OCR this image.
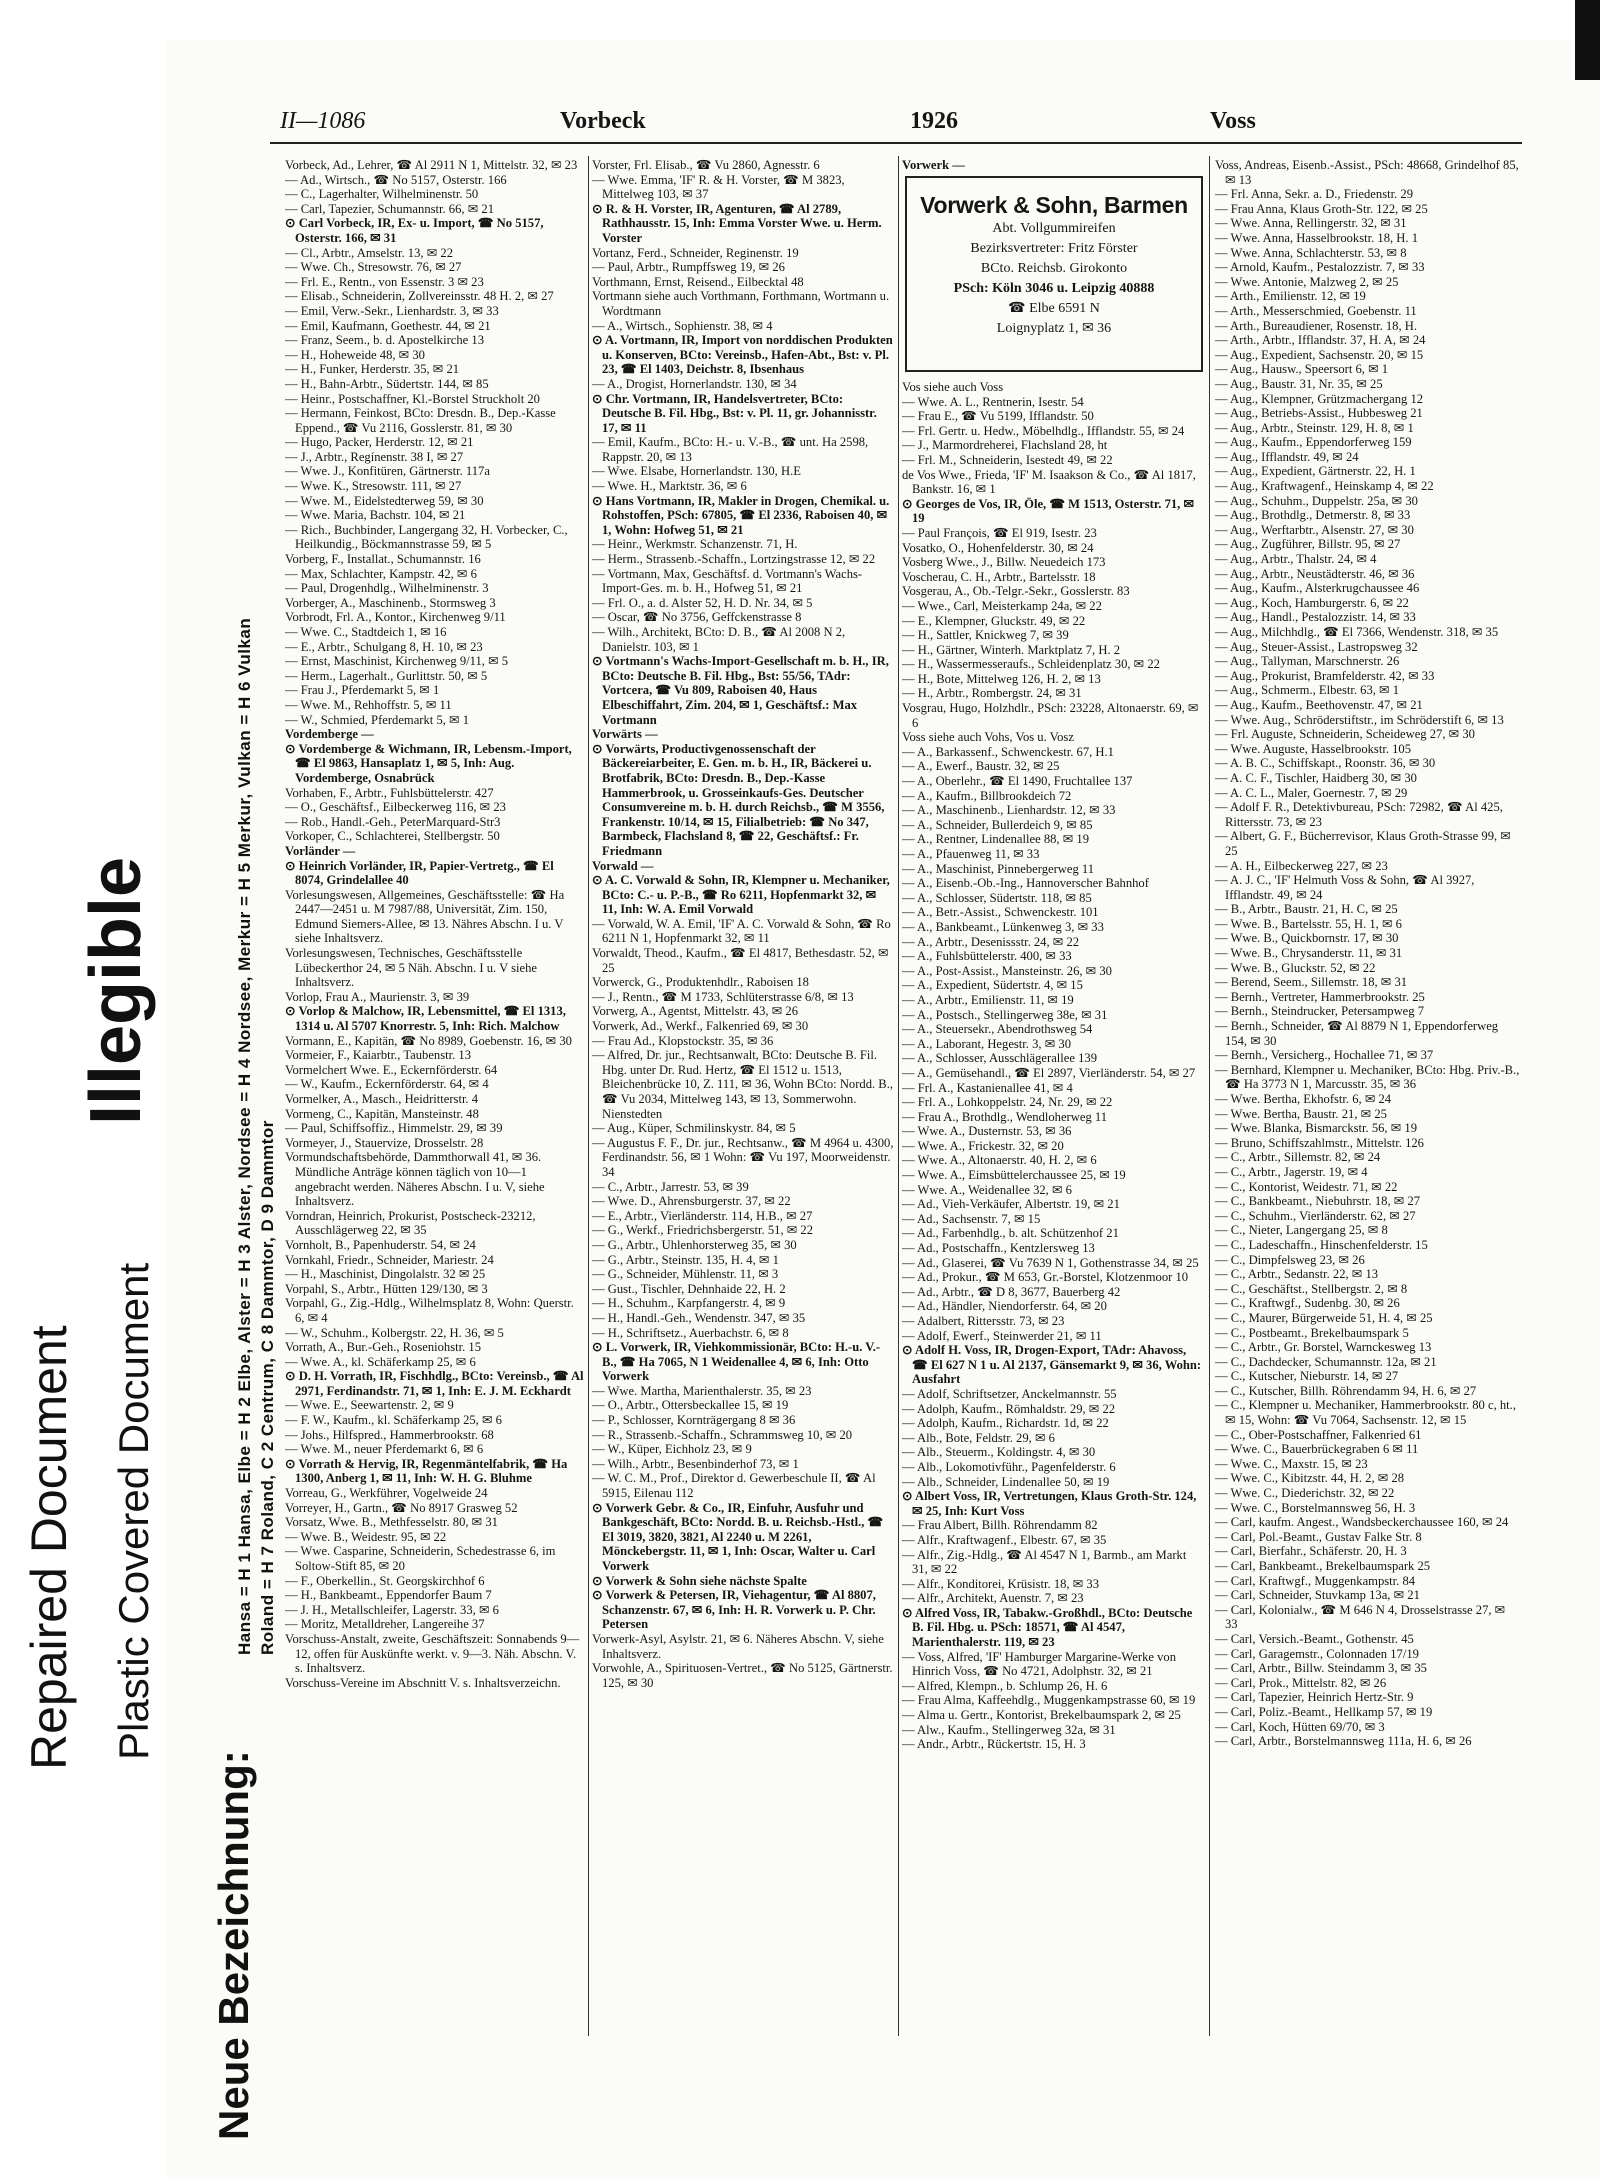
Repaired Document Plastic Covered Document
Illegible
Neue Bezeichnung:
Hansa = H 1 Hansa, Elbe = H 2 Elbe, Alster = H 3 Alster, Nordsee = H 4 Nordsee, Merkur = H 5 Merkur, Vulkan = H 6 Vulkan Roland = H 7 Roland, C 2 Centrum, C 8 Dammtor, D 9 Dammtor
II—1086	Vorbeck	1926	Voss

Vorbeck, Ad., Lehrer, ☎ Al 2911 N 1, Mittelstr. 32, ✉ 23

— Ad., Wirtsch., ☎ No 5157, Osterstr. 166

— C., Lagerhalter, Wilhelminenstr. 50

— Carl, Tapezier, Schumannstr. 66, ✉ 21

⊙ Carl Vorbeck, IR, Ex- u. Import, ☎ No 5157, Osterstr. 166, ✉ 31

— Cl., Arbtr., Amselstr. 13, ✉ 22

— Wwe. Ch., Stresowstr. 76, ✉ 27

— Frl. E., Rentn., von Essenstr. 3 ✉ 23

— Elisab., Schneiderin, Zollvereinsstr. 48 H. 2, ✉ 27

— Emil, Verw.-Sekr., Lienhardstr. 3, ✉ 33

— Emil, Kaufmann, Goethestr. 44, ✉ 21

— Franz, Seem., b. d. Apostelkirche 13

— H., Hoheweide 48, ✉ 30

— H., Funker, Herderstr. 35, ✉ 21

— H., Bahn-Arbtr., Südertstr. 144, ✉ 85

— Heinr., Postschaffner, Kl.-Borstel Struckholt 20

— Hermann, Feinkost, BCto: Dresdn. B., Dep.-Kasse Eppend., ☎ Vu 2116, Gosslerstr. 81, ✉ 30

— Hugo, Packer, Herderstr. 12, ✉ 21

— J., Arbtr., Regínenstr. 38 I, ✉ 27

— Wwe. J., Konfitüren, Gärtnerstr. 117a

— Wwe. K., Stresowstr. 111, ✉ 27

— Wwe. M., Eidelstedterweg 59, ✉ 30

— Wwe. Maria, Bachstr. 104, ✉ 21

— Rich., Buchbinder, Langergang 32, H. Vorbecker, C., Heilkundig., Böckmannstrasse 59, ✉ 5

Vorberg, F., Installat., Schumannstr. 16

— Max, Schlachter, Kampstr. 42, ✉ 6

— Paul, Drogenhdlg., Wilhelminenstr. 3

Vorberger, A., Maschinenb., Stormsweg 3

Vorbrodt, Frl. A., Kontor., Kirchenweg 9/11

— Wwe. C., Stadtdeich 1, ✉ 16

— E., Arbtr., Schulgang 8, H. 10, ✉ 23

— Ernst, Maschinist, Kirchenweg 9/11, ✉ 5

— Herm., Lagerhalt., Gurlittstr. 50, ✉ 5

— Frau J., Pferdemarkt 5, ✉ 1

— Wwe. M., Rehhoffstr. 5, ✉ 11

— W., Schmied, Pferdemarkt 5, ✉ 1

Vordemberge —

⊙ Vordemberge & Wichmann, IR, Lebensm.-Import, ☎ El 9863, Hansaplatz 1, ✉ 5, Inh: Aug. Vordemberge, Osnabrück

Vorhaben, F., Arbtr., Fuhlsbüttelerstr. 427

— O., Geschäftsf., Eilbeckerweg 116, ✉ 23

— Rob., Handl.-Geh., PeterMarquard-Str3

Vorkoper, C., Schlachterei, Stellbergstr. 50

Vorländer —

⊙ Heinrich Vorländer, IR, Papier-Vertretg., ☎ El 8074, Grindelallee 40

Vorlesungswesen, Allgemeines, Geschäftsstelle: ☎ Ha 2447—2451 u. M 7987/88, Universität, Zim. 150, Edmund Siemers-Allee, ✉ 13. Nähres Abschn. I u. V siehe Inhaltsverz.

Vorlesungswesen, Technisches, Geschäftsstelle Lübeckerthor 24, ✉ 5 Näh. Abschn. I u. V siehe Inhaltsverz.

Vorlop, Frau A., Maurienstr. 3, ✉ 39

⊙ Vorlop & Malchow, IR, Lebensmittel, ☎ El 1313, 1314 u. Al 5707 Knorrestr. 5, Inh: Rich. Malchow

Vormann, E., Kapitän, ☎ No 8989, Goebenstr. 16, ✉ 30

Vormeier, F., Kaiarbtr., Taubenstr. 13

Vormelchert Wwe. E., Eckernförderstr. 64

— W., Kaufm., Eckernförderstr. 64, ✉ 4

Vormelker, A., Masch., Heidritterstr. 4

Vormeng, C., Kapitän, Mansteinstr. 48

— Paul, Schiffsoffiz., Himmelstr. 29, ✉ 39

Vormeyer, J., Stauervize, Drosselstr. 28

Vormundschaftsbehörde, Dammthorwall 41, ✉ 36. Mündliche Anträge können täglich von 10—1 angebracht werden. Näheres Abschn. I u. V, siehe Inhaltsverz.

Vorndran, Heinrich, Prokurist, Postscheck-23212, Ausschlägerweg 22, ✉ 35

Vornholt, B., Papenhuderstr. 54, ✉ 24

Vornkahl, Friedr., Schneider, Mariestr. 24

— H., Maschinist, Dingolalstr. 32 ✉ 25

Vorpahl, S., Arbtr., Hütten 129/130, ✉ 3

Vorpahl, G., Zig.-Hdlg., Wilhelmsplatz 8, Wohn: Querstr. 6, ✉ 4

— W., Schuhm., Kolbergstr. 22, H. 36, ✉ 5

Vorrath, A., Bur.-Geh., Roseniohstr. 15

— Wwe. A., kl. Schäferkamp 25, ✉ 6

⊙ D. H. Vorrath, IR, Fischhdlg., BCto: Vereinsb., ☎ Al 2971, Ferdinandstr. 71, ✉ 1, Inh: E. J. M. Eckhardt

— Wwe. E., Seewartenstr. 2, ✉ 9

— F. W., Kaufm., kl. Schäferkamp 25, ✉ 6

— Johs., Hilfspred., Hammerbrookstr. 68

— Wwe. M., neuer Pferdemarkt 6, ✉ 6

⊙ Vorrath & Hervig, IR, Regenmäntelfabrik, ☎ Ha 1300, Anberg 1, ✉ 11, Inh: W. H. G. Bluhme

Vorreau, G., Werkführer, Vogelweide 24

Vorreyer, H., Gartn., ☎ No 8917 Grasweg 52

Vorsatz, Wwe. B., Methfesselstr. 80, ✉ 31

— Wwe. B., Weidestr. 95, ✉ 22

— Wwe. Casparine, Schneiderin, Schedestrasse 6, im Soltow-Stift 85, ✉ 20

— F., Oberkellin., St. Georgskirchhof 6

— H., Bankbeamt., Eppendorfer Baum 7

— J. H., Metallschleifer, Lagerstr. 33, ✉ 6

— Moritz, Metalldreher, Langereihe 37

Vorschuss-Anstalt, zweite, Geschäftszeit: Sonnabends 9—12, offen für Auskünfte werkt. v. 9—3. Näh. Abschn. V. s. Inhaltsverz.

Vorschuss-Vereine im Abschnitt V. s. Inhaltsverzeichn.

Vorster, Frl. Elisab., ☎ Vu 2860, Agnesstr. 6

— Wwe. Emma, 'IF' R. & H. Vorster, ☎ M 3823, Mittelweg 103, ✉ 37

⊙ R. & H. Vorster, IR, Agenturen, ☎ Al 2789, Rathhausstr. 15, Inh: Emma Vorster Wwe. u. Herm. Vorster

Vortanz, Ferd., Schneider, Reginenstr. 19

— Paul, Arbtr., Rumpffsweg 19, ✉ 26

Vorthmann, Ernst, Reisend., Eilbecktal 48

Vortmann siehe auch Vorthmann, Forthmann, Wortmann u. Wordtmann

— A., Wirtsch., Sophienstr. 38, ✉ 4

⊙ A. Vortmann, IR, Import von norddischen Produkten u. Konserven, BCto: Vereinsb., Hafen-Abt., Bst: v. Pl. 23, ☎ El 1403, Deichstr. 8, Ibsenhaus

— A., Drogist, Hornerlandstr. 130, ✉ 34

⊙ Chr. Vortmann, IR, Handelsvertreter, BCto: Deutsche B. Fil. Hbg., Bst: v. Pl. 11, gr. Johannisstr. 17, ✉ 11

— Emil, Kaufm., BCto: H.- u. V.-B., ☎ unt. Ha 2598, Rappstr. 20, ✉ 13

— Wwe. Elsabe, Hornerlandstr. 130, H.E

— Wwe. H., Marktstr. 36, ✉ 6

⊙ Hans Vortmann, IR, Makler in Drogen, Chemikal. u. Rohstoffen, PSch: 67805, ☎ El 2336, Raboisen 40, ✉ 1, Wohn: Hofweg 51, ✉ 21

— Heinr., Werkmstr. Schanzenstr. 71, H.

— Herm., Strassenb.-Schaffn., Lortzingstrasse 12, ✉ 22

— Vortmann, Max, Geschäftsf. d. Vortmann's Wachs-Import-Ges. m. b. H., Hofweg 51, ✉ 21

— Frl. O., a. d. Alster 52, H. D. Nr. 34, ✉ 5

— Oscar, ☎ No 3756, Geffckenstrasse 8

— Wilh., Architekt, BCto: D. B., ☎ Al 2008 N 2, Danielstr. 103, ✉ 1

⊙ Vortmann's Wachs-Import-Gesellschaft m. b. H., IR, BCto: Deutsche B. Fil. Hbg., Bst: 55/56, TAdr: Vortcera, ☎ Vu 809, Raboisen 40, Haus Elbeschiffahrt, Zim. 204, ✉ 1, Geschäftsf.: Max Vortmann

Vorwärts —

⊙ Vorwärts, Productivgenossenschaft der Bäckereiarbeiter, E. Gen. m. b. H., IR, Bäckerei u. Brotfabrik, BCto: Dresdn. B., Dep.-Kasse Hammerbrook, u. Grosseinkaufs-Ges. Deutscher Consumvereine m. b. H. durch Reichsb., ☎ M 3556, Frankenstr. 10/14, ✉ 15, Filialbetrieb: ☎ No 347, Barmbeck, Flachsland 8, ☎ 22, Geschäftsf.: Fr. Friedmann

Vorwald —

⊙ A. C. Vorwald & Sohn, IR, Klempner u. Mechaniker, BCto: C.- u. P.-B., ☎ Ro 6211, Hopfenmarkt 32, ✉ 11, Inh: W. A. Emil Vorwald

— Vorwald, W. A. Emil, 'IF' A. C. Vorwald & Sohn, ☎ Ro 6211 N 1, Hopfenmarkt 32, ✉ 11

Vorwaldt, Theod., Kaufm., ☎ El 4817, Bethesdastr. 52, ✉ 25

Vorwerck, G., Produktenhdlr., Raboisen 18

— J., Rentn., ☎ M 1733, Schlüterstrasse 6/8, ✉ 13

Vorwerg, A., Agentst, Mittelstr. 43, ✉ 26

Vorwerk, Ad., Werkf., Falkenried 69, ✉ 30

— Frau Ad., Klopstockstr. 35, ✉ 36

— Alfred, Dr. jur., Rechtsanwalt, BCto: Deutsche B. Fil. Hbg. unter Dr. Rud. Hertz, ☎ El 1512 u. 1513, Bleichenbrücke 10, Z. 111, ✉ 36, Wohn BCto: Nordd. B., ☎ Vu 2034, Mittelweg 143, ✉ 13, Sommerwohn. Nienstedten

— Aug., Küper, Schmilinskystr. 84, ✉ 5

— Augustus F. F., Dr. jur., Rechtsanw., ☎ M 4964 u. 4300, Ferdinandstr. 56, ✉ 1 Wohn: ☎ Vu 197, Moorweidenstr. 34

— C., Arbtr., Jarrestr. 53, ✉ 39

— Wwe. D., Ahrensburgerstr. 37, ✉ 22

— E., Arbtr., Vierländerstr. 114, H.B., ✉ 27

— G., Werkf., Friedrichsbergerstr. 51, ✉ 22

— G., Arbtr., Uhlenhorsterweg 35, ✉ 30

— G., Arbtr., Steinstr. 135, H. 4, ✉ 1

— G., Schneider, Mühlenstr. 11, ✉ 3

— Gust., Tischler, Dehnhaide 22, H. 2

— H., Schuhm., Karpfangerstr. 4, ✉ 9

— H., Handl.-Geh., Wendenstr. 347, ✉ 35

— H., Schriftsetz., Auerbachstr. 6, ✉ 8

⊙ L. Vorwerk, IR, Viehkommissionär, BCto: H.-u. V.-B., ☎ Ha 7065, N 1 Weidenallee 4, ✉ 6, Inh: Otto Vorwerk

— Wwe. Martha, Marienthalerstr. 35, ✉ 23

— O., Arbtr., Ottersbeckallee 15, ✉ 19

— P., Schlosser, Kornträgergang 8 ✉ 36

— R., Strassenb.-Schaffn., Schrammsweg 10, ✉ 20

— W., Küper, Eichholz 23, ✉ 9

— Wilh., Arbtr., Besenbinderhof 73, ✉ 1

— W. C. M., Prof., Direktor d. Gewerbeschule II, ☎ Al 5915, Eilenau 112

⊙ Vorwerk Gebr. & Co., IR, Einfuhr, Ausfuhr und Bankgeschäft, BCto: Nordd. B. u. Reichsb.-Hstl., ☎ El 3019, 3820, 3821, Al 2240 u. M 2261, Mönckebergstr. 11, ✉ 1, Inh: Oscar, Walter u. Carl Vorwerk

⊙ Vorwerk & Sohn siehe nächste Spalte

⊙ Vorwerk & Petersen, IR, Viehagentur, ☎ Al 8807, Schanzenstr. 67, ✉ 6, Inh: H. R. Vorwerk u. P. Chr. Petersen

Vorwerk-Asyl, Asylstr. 21, ✉ 6. Näheres Abschn. V, siehe Inhaltsverz.

Vorwohle, A., Spirituosen-Vertret., ☎ No 5125, Gärtnerstr. 125, ✉ 30

Vorwerk —
Vorwerk & Sohn, Barmen
Abt. Vollgummireifen
Bezirksvertreter: Fritz Förster
BCto. Reichsb. Girokonto
PSch: Köln 3046 u. Leipzig 40888
☎ Elbe 6591 N
Loignyplatz 1, ✉ 36

Vos siehe auch Voss

— Wwe. A. L., Rentnerin, Isestr. 54

— Frau E., ☎ Vu 5199, Ifflandstr. 50

— Frl. Gertr. u. Hedw., Möbelhdlg., Ifflandstr. 55, ✉ 24

— J., Marmordreherei, Flachsland 28, ht

— Frl. M., Schneiderin, Isestedt 49, ✉ 22

de Vos Wwe., Frieda, 'IF' M. Isaakson & Co., ☎ Al 1817, Bankstr. 16, ✉ 1

⊙ Georges de Vos, IR, Öle, ☎ M 1513, Osterstr. 71, ✉ 19

— Paul François, ☎ El 919, Isestr. 23

Vosatko, O., Hohenfelderstr. 30, ✉ 24

Vosberg Wwe., J., Billw. Neuedeich 173

Voscherau, C. H., Arbtr., Bartelsstr. 18

Vosgerau, A., Ob.-Telgr.-Sekr., Gosslerstr. 83

— Wwe., Carl, Meisterkamp 24a, ✉ 22

— E., Klempner, Gluckstr. 49, ✉ 22

— H., Sattler, Knickweg 7, ✉ 39

— H., Gärtner, Winterh. Marktplatz 7, H. 2

— H., Wassermesseraufs., Schleidenplatz 30, ✉ 22

— H., Bote, Mittelweg 126, H. 2, ✉ 13

— H., Arbtr., Rombergstr. 24, ✉ 31

Vosgrau, Hugo, Holzhdlr., PSch: 23228, Altonaerstr. 69, ✉ 6

Voss siehe auch Vohs, Vos u. Vosz

— A., Barkassenf., Schwenckestr. 67, H.1

— A., Ewerf., Baustr. 32, ✉ 25

— A., Oberlehr., ☎ El 1490, Fruchtallee 137

— A., Kaufm., Billbrookdeich 72

— A., Maschinenb., Lienhardstr. 12, ✉ 33

— A., Schneider, Bullerdeich 9, ✉ 85

— A., Rentner, Lindenallee 88, ✉ 19

— A., Pfauenweg 11, ✉ 33

— A., Maschinist, Pinnebergerweg 11

— A., Eisenb.-Ob.-Ing., Hannoverscher Bahnhof

— A., Schlosser, Südertstr. 118, ✉ 85

— A., Betr.-Assist., Schwenckestr. 101

— A., Bankbeamt., Lünkenweg 3, ✉ 33

— A., Arbtr., Desenissstr. 24, ✉ 22

— A., Fuhlsbüttelerstr. 400, ✉ 33

— A., Post-Assist., Mansteinstr. 26, ✉ 30

— A., Expedient, Südertstr. 4, ✉ 15

— A., Arbtr., Emilienstr. 11, ✉ 19

— A., Postsch., Stellingerweg 38e, ✉ 31

— A., Steuersekr., Abendrothsweg 54

— A., Laborant, Hegestr. 3, ✉ 30

— A., Schlosser, Ausschlägerallee 139

— A., Gemüsehandl., ☎ El 2897, Vierländerstr. 54, ✉ 27

— Frl. A., Kastanienallee 41, ✉ 4

— Frl. A., Lohkoppelstr. 24, Nr. 29, ✉ 22

— Frau A., Brothdlg., Wendloherweg 11

— Wwe. A., Dusternstr. 53, ✉ 36

— Wwe. A., Frickestr. 32, ✉ 20

— Wwe. A., Altonaerstr. 40, H. 2, ✉ 6

— Wwe. A., Eimsbüttelerchaussee 25, ✉ 19

— Wwe. A., Weidenallee 32, ✉ 6

— Ad., Vieh-Verkäufer, Albertstr. 19, ✉ 21

— Ad., Sachsenstr. 7, ✉ 15

— Ad., Farbenhdlg., b. alt. Schützenhof 21

— Ad., Postschaffn., Kentzlersweg 13

— Ad., Glaserei, ☎ Vu 7639 N 1, Gothenstrasse 34, ✉ 25

— Ad., Prokur., ☎ M 653, Gr.-Borstel, Klotzenmoor 10

— Ad., Arbtr., ☎ D 8, 3677, Bauerberg 42

— Ad., Händler, Niendorferstr. 64, ✉ 20

— Adalbert, Rittersstr. 73, ✉ 23

— Adolf, Ewerf., Steinwerder 21, ✉ 11

⊙ Adolf H. Voss, IR, Drogen-Export, TAdr: Ahavoss, ☎ El 627 N 1 u. Al 2137, Gänsemarkt 9, ✉ 36, Wohn: Ausfahrt

— Adolf, Schriftsetzer, Anckelmannstr. 55

— Adolph, Kaufm., Römhaldstr. 29, ✉ 22

— Adolph, Kaufm., Richardstr. 1d, ✉ 22

— Alb., Bote, Feldstr. 29, ✉ 6

— Alb., Steuerm., Koldingstr. 4, ✉ 30

— Alb., Lokomotivführ., Pagenfelderstr. 6

— Alb., Schneider, Lindenallee 50, ✉ 19

⊙ Albert Voss, IR, Vertretungen, Klaus Groth-Str. 124, ✉ 25, Inh: Kurt Voss

— Frau Albert, Billh. Röhrendamm 82

— Alfr., Kraftwagenf., Elbestr. 67, ✉ 35

— Alfr., Zig.-Hdlg., ☎ Al 4547 N 1, Barmb., am Markt 31, ✉ 22

— Alfr., Konditorei, Krüsistr. 18, ✉ 33

— Alfr., Architekt, Auenstr. 7, ✉ 23

⊙ Alfred Voss, IR, Tabakw.-Großhdl., BCto: Deutsche B. Fil. Hbg. u. PSch: 18571, ☎ Al 4547, Marienthalerstr. 119, ✉ 23

— Voss, Alfred, 'IF' Hamburger Margarine-Werke von Hinrich Voss, ☎ No 4721, Adolphstr. 32, ✉ 21

— Alfred, Klempn., b. Schlump 26, H. 6

— Frau Alma, Kaffeehdlg., Muggenkampstrasse 60, ✉ 19

— Alma u. Gertr., Kontorist, Brekelbaumspark 2, ✉ 25

— Alw., Kaufm., Stellingerweg 32a, ✉ 31

— Andr., Arbtr., Rückertstr. 15, H. 3

Voss, Andreas, Eisenb.-Assist., PSch: 48668, Grindelhof 85, ✉ 13

— Frl. Anna, Sekr. a. D., Friedenstr. 29

— Frau Anna, Klaus Groth-Str. 122, ✉ 25

— Wwe. Anna, Rellingerstr. 32, ✉ 31

— Wwe. Anna, Hasselbrookstr. 18, H. 1

— Wwe. Anna, Schlachterstr. 53, ✉ 8

— Arnold, Kaufm., Pestalozzistr. 7, ✉ 33

— Wwe. Antonie, Malzweg 2, ✉ 25

— Arth., Emilienstr. 12, ✉ 19

— Arth., Messerschmied, Goebenstr. 11

— Arth., Bureaudiener, Rosenstr. 18, H.

— Arth., Arbtr., Ifflandstr. 37, H. A, ✉ 24

— Aug., Expedient, Sachsenstr. 20, ✉ 15

— Aug., Hausw., Speersort 6, ✉ 1

— Aug., Baustr. 31, Nr. 35, ✉ 25

— Aug., Klempner, Grützmachergang 12

— Aug., Betriebs-Assist., Hubbesweg 21

— Aug., Arbtr., Steinstr. 129, H. 8, ✉ 1

— Aug., Kaufm., Eppendorferweg 159

— Aug., Ifflandstr. 49, ✉ 24

— Aug., Expedient, Gärtnerstr. 22, H. 1

— Aug., Kraftwagenf., Heinskamp 4, ✉ 22

— Aug., Schuhm., Duppelstr. 25a, ✉ 30

— Aug., Brothdlg., Detmerstr. 8, ✉ 33

— Aug., Werftarbtr., Alsenstr. 27, ✉ 30

— Aug., Zugführer, Billstr. 95, ✉ 27

— Aug., Arbtr., Thalstr. 24, ✉ 4

— Aug., Arbtr., Neustädterstr. 46, ✉ 36

— Aug., Kaufm., Alsterkrugchaussee 46

— Aug., Koch, Hamburgerstr. 6, ✉ 22

— Aug., Handl., Pestalozzistr. 14, ✉ 33

— Aug., Milchhdlg., ☎ El 7366, Wendenstr. 318, ✉ 35

— Aug., Steuer-Assist., Lastropsweg 32

— Aug., Tallyman, Marschnerstr. 26

— Aug., Prokurist, Bramfelderstr. 42, ✉ 33

— Aug., Schmerm., Elbestr. 63, ✉ 1

— Aug., Kaufm., Beethovenstr. 47, ✉ 21

— Wwe. Aug., Schröderstiftstr., im Schröderstift 6, ✉ 13

— Frl. Auguste, Schneiderin, Scheideweg 27, ✉ 30

— Wwe. Auguste, Hasselbrookstr. 105

— A. B. C., Schiffskapt., Roonstr. 36, ✉ 30

— A. C. F., Tischler, Haidberg 30, ✉ 30

— A. C. L., Maler, Goernestr. 7, ✉ 29

— Adolf F. R., Detektivbureau, PSch: 72982, ☎ Al 425, Rittersstr. 73, ✉ 23

— Albert, G. F., Bücherrevisor, Klaus Groth-Strasse 99, ✉ 25

— A. H., Eilbeckerweg 227, ✉ 23

— A. J. C., 'IF' Helmuth Voss & Sohn, ☎ Al 3927, Ifflandstr. 49, ✉ 24

— B., Arbtr., Baustr. 21, H. C, ✉ 25

— Wwe. B., Bartelsstr. 55, H. 1, ✉ 6

— Wwe. B., Quickbornstr. 17, ✉ 30

— Wwe. B., Chrysanderstr. 11, ✉ 31

— Wwe. B., Gluckstr. 52, ✉ 22

— Berend, Seem., Sillemstr. 18, ✉ 31

— Bernh., Vertreter, Hammerbrookstr. 25

— Bernh., Steindrucker, Petersampweg 7

— Bernh., Schneider, ☎ Al 8879 N 1, Eppendorferweg 154, ✉ 30

— Bernh., Versicherg., Hochallee 71, ✉ 37

— Bernhard, Klempner u. Mechaniker, BCto: Hbg. Priv.-B., ☎ Ha 3773 N 1, Marcusstr. 35, ✉ 36

— Wwe. Bertha, Ekhofstr. 6, ✉ 24

— Wwe. Bertha, Baustr. 21, ✉ 25

— Wwe. Blanka, Bismarckstr. 56, ✉ 19

— Bruno, Schiffszahlmstr., Mittelstr. 126

— C., Arbtr., Sillemstr. 82, ✉ 24

— C., Arbtr., Jagerstr. 19, ✉ 4

— C., Kontorist, Weidestr. 71, ✉ 22

— C., Bankbeamt., Niebuhrstr. 18, ✉ 27

— C., Schuhm., Vierländerstr. 62, ✉ 27

— C., Nieter, Langergang 25, ✉ 8

— C., Ladeschaffn., Hinschenfelderstr. 15

— C., Dimpfelsweg 23, ✉ 26

— C., Arbtr., Sedanstr. 22, ✉ 13

— C., Geschäftst., Stellbergstr. 2, ✉ 8

— C., Kraftwgf., Sudenbg. 30, ✉ 26

— C., Maurer, Bürgerweide 51, H. 4, ✉ 25

— C., Postbeamt., Brekelbaumspark 5

— C., Arbtr., Gr. Borstel, Warnckesweg 13

— C., Dachdecker, Schumannstr. 12a, ✉ 21

— C., Kutscher, Nieburstr. 14, ✉ 27

— C., Kutscher, Billh. Röhrendamm 94, H. 6, ✉ 27

— C., Klempner u. Mechaniker, Hammerbrookstr. 80 c, ht., ✉ 15, Wohn: ☎ Vu 7064, Sachsenstr. 12, ✉ 15

— C., Ober-Postschaffner, Falkenried 61

— Wwe. C., Bauerbrückegraben 6 ✉ 11

— Wwe. C., Maxstr. 15, ✉ 23

— Wwe. C., Kibitzstr. 44, H. 2, ✉ 28

— Wwe. C., Diederichstr. 32, ✉ 22

— Wwe. C., Borstelmannsweg 56, H. 3

— Carl, kaufm. Angest., Wandsbeckerchaussee 160, ✉ 24

— Carl, Pol.-Beamt., Gustav Falke Str. 8

— Carl, Bierfahr., Schäferstr. 20, H. 3

— Carl, Bankbeamt., Brekelbaumspark 25

— Carl, Kraftwgf., Muggenkampstr. 84

— Carl, Schneider, Stuvkamp 13a, ✉ 21

— Carl, Kolonialw., ☎ M 646 N 4, Drosselstrasse 27, ✉ 33

— Carl, Versich.-Beamt., Gothenstr. 45

— Carl, Garagemstr., Colonnaden 17/19

— Carl, Arbtr., Billw. Steindamm 3, ✉ 35

— Carl, Prok., Mittelstr. 82, ✉ 26

— Carl, Tapezier, Heinrich Hertz-Str. 9

— Carl, Poliz.-Beamt., Hellkamp 57, ✉ 19

— Carl, Koch, Hütten 69/70, ✉ 3

— Carl, Arbtr., Borstelmannsweg 111a, H. 6, ✉ 26
